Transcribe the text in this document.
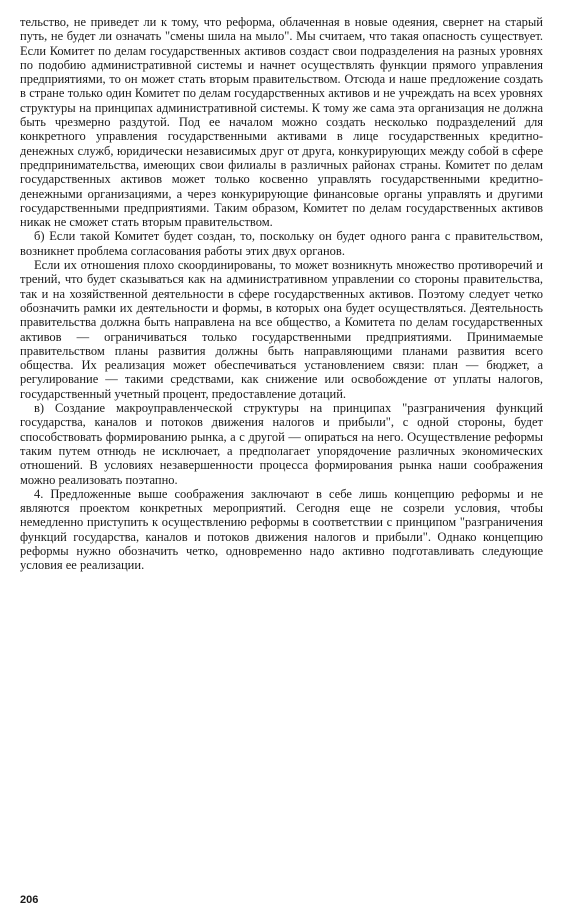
тельство, не приведет ли к тому, что реформа, облаченная в новые одеяния, свернет на старый путь, не будет ли означать "смены шила на мыло". Мы считаем, что такая опасность существует. Если Комитет по делам государственных активов создаст свои подразделения на разных уровнях по подобию административной системы и начнет осуществлять функции прямого управления предприятиями, то он может стать вторым правительством. Отсюда и наше предложение создать в стране только один Комитет по делам государственных активов и не учреждать на всех уровнях структуры на принципах административной системы. К тому же сама эта организация не должна быть чрезмерно раздутой. Под ее началом можно создать несколько подразделений для конкретного управления государственными активами в лице государственных кредитно-денежных служб, юридически независимых друг от друга, конкурирующих между собой в сфере предпринимательства, имеющих свои филиалы в различных районах страны. Комитет по делам государственных активов может только косвенно управлять государственными кредитно-денежными организациями, а через конкурирующие финансовые органы управлять и другими государственными предприятиями. Таким образом, Комитет по делам государственных активов никак не сможет стать вторым правительством.

б) Если такой Комитет будет создан, то, поскольку он будет одного ранга с правительством, возникнет проблема согласования работы этих двух органов.

Если их отношения плохо скоординированы, то может возникнуть множество противоречий и трений, что будет сказываться как на административном управлении со стороны правительства, так и на хозяйственной деятельности в сфере государственных активов. Поэтому следует четко обозначить рамки их деятельности и формы, в которых она будет осуществляться. Деятельность правительства должна быть направлена на все общество, а Комитета по делам государственных активов — ограничиваться только государственными предприятиями. Принимаемые правительством планы развития должны быть направляющими планами развития всего общества. Их реализация может обеспечиваться установлением связи: план — бюджет, а регулирование — такими средствами, как снижение или освобождение от уплаты налогов, государственный учетный процент, предоставление дотаций.

в) Создание макроуправленческой структуры на принципах "разграничения функций государства, каналов и потоков движения налогов и прибыли", с одной стороны, будет способствовать формированию рынка, а с другой — опираться на него. Осуществление реформы таким путем отнюдь не исключает, а предполагает упорядочение различных экономических отношений. В условиях незавершенности процесса формирования рынка наши соображения можно реализовать поэтапно.

4. Предложенные выше соображения заключают в себе лишь концепцию реформы и не являются проектом конкретных мероприятий. Сегодня еще не созрели условия, чтобы немедленно приступить к осуществлению реформы в соответствии с принципом "разграничения функций государства, каналов и потоков движения налогов и прибыли". Однако концепцию реформы нужно обозначить четко, одновременно надо активно подготавливать следующие условия ее реализации.

206
